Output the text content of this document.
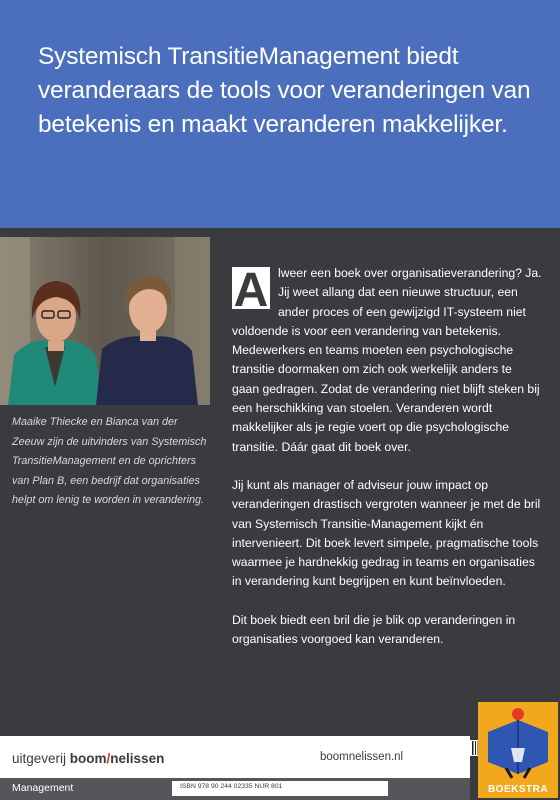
Systemisch TransitieManagement biedt veranderaars de tools voor veranderingen van betekenis en maakt veranderen makkelijker.

Maaike Thiecke en Bianca van der Zeeuw zijn de uitvinders van Systemisch TransitieManagement en de oprichters van Plan B, een bedrijf dat organisaties helpt om lenig te worden in verandering.

A lweer een boek over organisatieverandering? Ja. Jij weet allang dat een nieuwe structuur, een ander proces of een gewijzigd IT-systeem niet voldoende is voor een verandering van betekenis. Medewerkers en teams moeten een psychologische transitie doormaken om zich ook werkelijk anders te gaan gedragen. Zodat de verandering niet blijft steken bij een herschikking van stoelen. Veranderen wordt makkelijker als je regie voert op die psychologische transitie. Dáár gaat dit boek over.

Jij kunt als manager of adviseur jouw impact op veranderingen drastisch vergroten wanneer je met de bril van Systemisch Transitie-Management kijkt én intervenieert. Dit boek levert simpele, pragmatische tools waarmee je hardnekkig gedrag in teams en organisaties in verandering kunt begrijpen en kunt beïnvloeden.

Dit boek biedt een bril die je blik op veranderingen in organisaties voorgoed kan veranderen.

uitgeverij boom/nelissen	boomnelissen.nl
Management	ISBN 978 90 244 02335 NUR 801	BOEKSTRA
